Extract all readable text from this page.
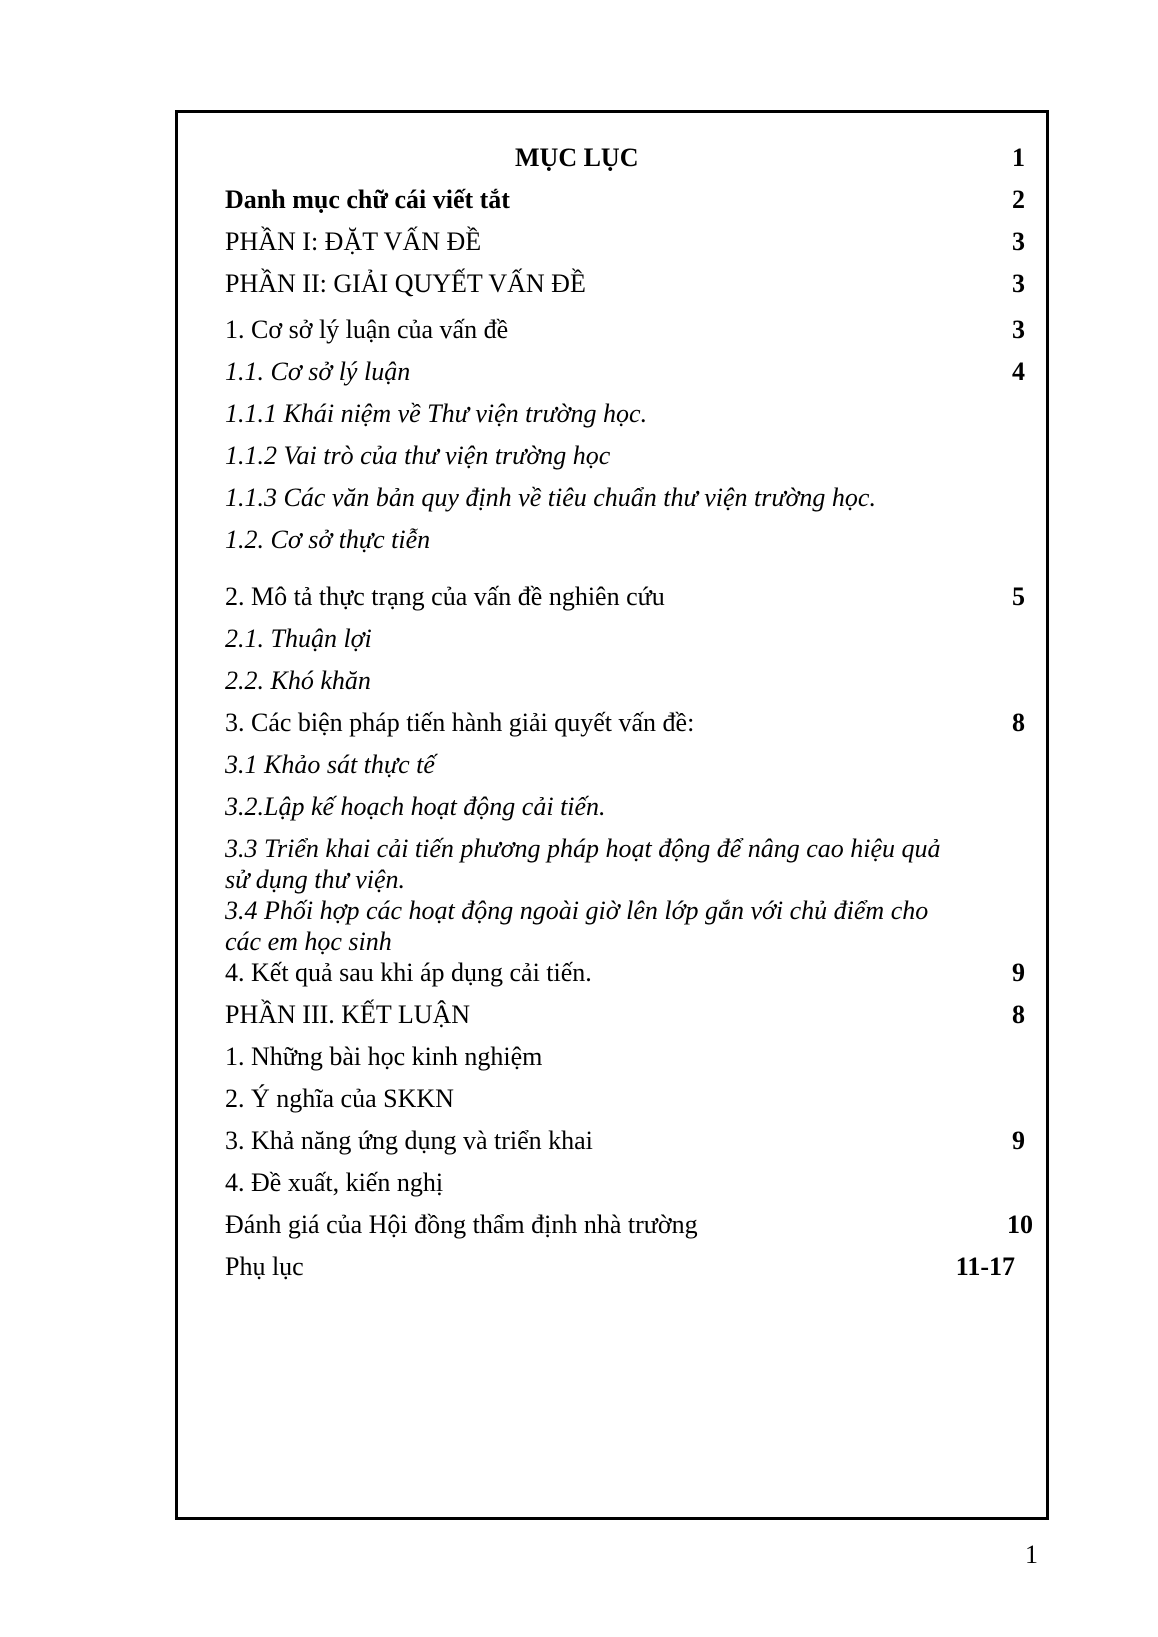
MỤC LỤC	1
Danh mục chữ cái viết tắt	2
PHẦN I: ĐẶT VẤN ĐỀ	3
PHẦN II: GIẢI QUYẾT VẤN ĐỀ	3
1. Cơ sở lý luận của vấn đề	3
1.1. Cơ sở lý luận	4
1.1.1 Khái niệm về Thư viện trường học.
1.1.2 Vai trò của thư viện trường học
1.1.3 Các văn bản quy định về tiêu chuẩn thư viện trường học.
1.2. Cơ sở thực tiễn
2. Mô tả thực trạng của vấn đề nghiên cứu	5
2.1. Thuận lợi
2.2. Khó khăn
3. Các biện pháp tiến hành giải quyết vấn đề:	8
3.1 Khảo sát thực tế
3.2.Lập kế hoạch hoạt động cải tiến.
3.3 Triển khai cải tiến phương pháp hoạt động để nâng cao hiệu quả sử dụng thư viện.
3.4 Phối hợp các hoạt động ngoài giờ lên lớp gắn với chủ điểm cho các em học sinh
4. Kết quả sau khi áp dụng cải tiến.	9
PHẦN III. KẾT LUẬN	8
1. Những bài học kinh nghiệm
2. Ý nghĩa của SKKN
3. Khả năng ứng dụng và triển khai	9
4. Đề xuất, kiến nghị
Đánh giá của Hội đồng thẩm định nhà trường	10
Phụ lục	11-17
1
